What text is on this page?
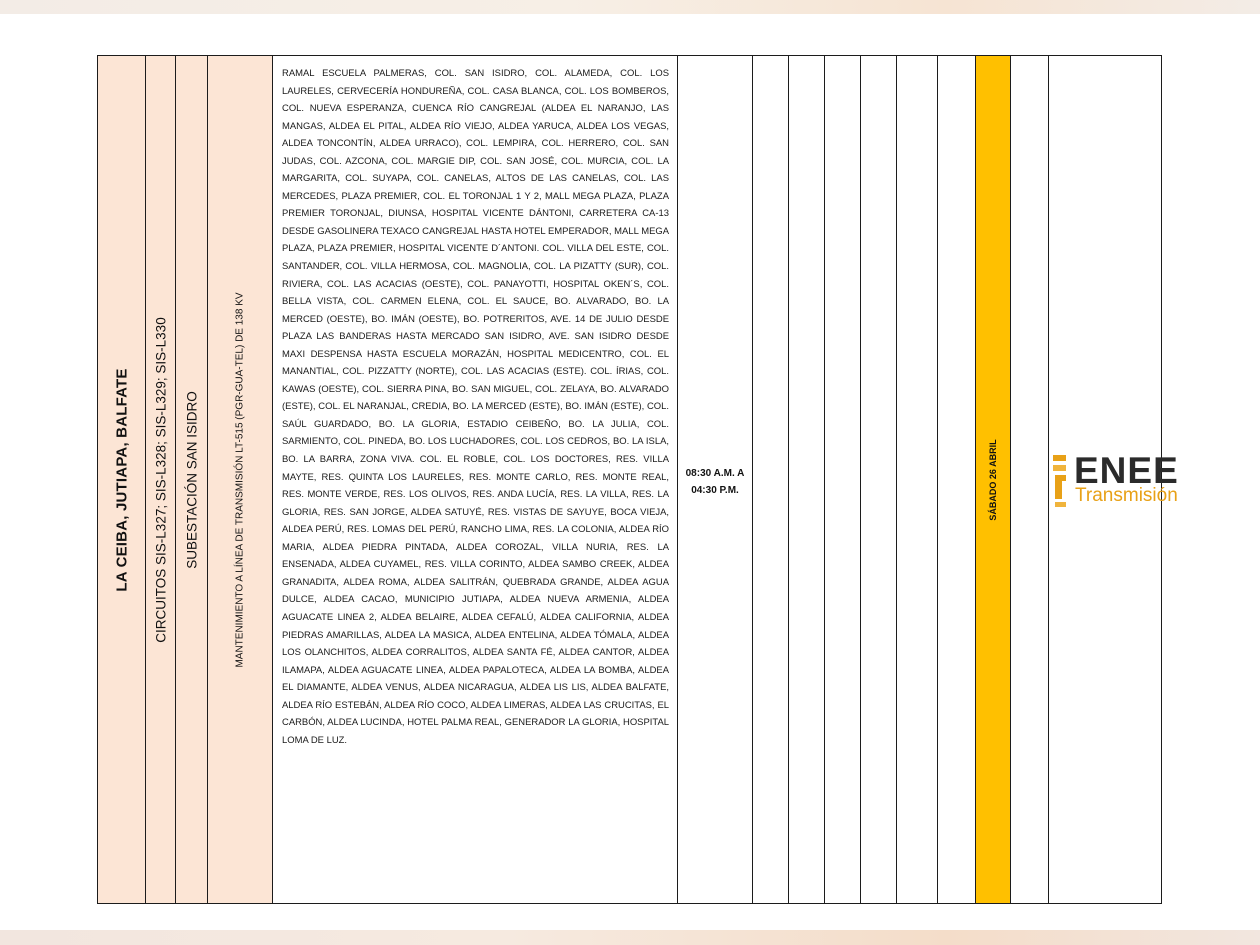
LA CEIBA, JUTIAPA, BALFATE CIRCUITOS SIS-L327; SIS-L328; SIS-L329; SIS-L330 SUBESTACIÓN SAN ISIDRO	MANTENIMIENTO A LÍNEA DE TRANSMISIÓN LT-515 (PGR-GUA-TEL) DE 138 KV
RAMAL ESCUELA PALMERAS, COL. SAN ISIDRO, COL. ALAMEDA, COL. LOS LAURELES, CERVECERÍA HONDUREÑA, COL. CASA BLANCA, COL. LOS BOMBEROS, COL. NUEVA ESPERANZA, CUENCA RÍO CANGREJAL (ALDEA EL NARANJO, LAS MANGAS, ALDEA EL PITAL, ALDEA RÍO VIEJO, ALDEA YARUCA, ALDEA LOS VEGAS, ALDEA TONCONTÍN, ALDEA URRACO), COL. LEMPIRA, COL. HERRERO, COL. SAN JUDAS, COL. AZCONA, COL. MARGIE DIP, COL. SAN JOSÉ, COL. MURCIA, COL. LA MARGARITA, COL. SUYAPA, COL. CANELAS, ALTOS DE LAS CANELAS, COL. LAS MERCEDES, PLAZA PREMIER, COL. EL TORONJAL 1 Y 2, MALL MEGA PLAZA, PLAZA PREMIER TORONJAL, DIUNSA, HOSPITAL VICENTE DÁNTONI, CARRETERA CA-13 DESDE GASOLINERA TEXACO CANGREJAL HASTA HOTEL EMPERADOR, MALL MEGA PLAZA, PLAZA PREMIER, HOSPITAL VICENTE D´ANTONI. COL. VILLA DEL ESTE, COL. SANTANDER, COL. VILLA HERMOSA, COL. MAGNOLIA, COL. LA PIZATTY (SUR), COL. RIVIERA, COL. LAS ACACIAS (OESTE), COL. PANAYOTTI, HOSPITAL OKEN´S, COL. BELLA VISTA, COL. CARMEN ELENA, COL. EL SAUCE, BO. ALVARADO, BO. LA MERCED (OESTE), BO. IMÁN (OESTE), BO. POTRERITOS, AVE. 14 DE JULIO DESDE PLAZA LAS BANDERAS HASTA MERCADO SAN ISIDRO, AVE. SAN ISIDRO DESDE MAXI DESPENSA HASTA ESCUELA MORAZÁN, HOSPITAL MEDICENTRO, COL. EL MANANTIAL, COL. PIZZATTY (NORTE), COL. LAS ACACIAS (ESTE). COL. ÍRIAS, COL. KAWAS (OESTE), COL. SIERRA PINA, BO. SAN MIGUEL, COL. ZELAYA, BO. ALVARADO (ESTE), COL. EL NARANJAL, CREDIA, BO. LA MERCED (ESTE), BO. IMÁN (ESTE), COL. SAÚL GUARDADO, BO. LA GLORIA, ESTADIO CEIBEÑO, BO. LA JULIA, COL. SARMIENTO, COL. PINEDA, BO. LOS LUCHADORES, COL. LOS CEDROS, BO. LA ISLA, BO. LA BARRA, ZONA VIVA. COL. EL ROBLE, COL. LOS DOCTORES, RES. VILLA MAYTE, RES. QUINTA LOS LAURELES, RES. MONTE CARLO, RES. MONTE REAL, RES. MONTE VERDE, RES. LOS OLIVOS, RES. ANDA LUCÍA, RES. LA VILLA, RES. LA GLORIA, RES. SAN JORGE, ALDEA SATUYÉ, RES. VISTAS DE SAYUYE, BOCA VIEJA, ALDEA PERÚ, RES. LOMAS DEL PERÚ, RANCHO LIMA, RES. LA COLONIA, ALDEA RÍO MARIA, ALDEA PIEDRA PINTADA, ALDEA COROZAL, VILLA NURIA, RES. LA ENSENADA, ALDEA CUYAMEL, RES. VILLA CORINTO, ALDEA SAMBO CREEK, ALDEA GRANADITA, ALDEA ROMA, ALDEA SALITRÁN, QUEBRADA GRANDE, ALDEA AGUA DULCE, ALDEA CACAO, MUNICIPIO JUTIAPA, ALDEA NUEVA ARMENIA, ALDEA AGUACATE LINEA 2, ALDEA BELAIRE, ALDEA CEFALÚ, ALDEA CALIFORNIA, ALDEA PIEDRAS AMARILLAS, ALDEA LA MASICA, ALDEA ENTELINA, ALDEA TÓMALA, ALDEA LOS OLANCHITOS, ALDEA CORRALITOS, ALDEA SANTA FÉ, ALDEA CANTOR, ALDEA ILAMAPA, ALDEA AGUACATE LINEA, ALDEA PAPALOTECA, ALDEA LA BOMBA, ALDEA EL DIAMANTE, ALDEA VENUS, ALDEA NICARAGUA, ALDEA LIS LIS, ALDEA BALFATE, ALDEA RÍO ESTEBÁN, ALDEA RÍO COCO, ALDEA LIMERAS, ALDEA LAS CRUCITAS, EL CARBÓN, ALDEA LUCINDA, HOTEL PALMA REAL, GENERADOR LA GLORIA, HOSPITAL LOMA DE LUZ.
08:30 A.M. A
04:30 P.M.	SÁBADO 26 ABRIL ENEE
Transmisión
